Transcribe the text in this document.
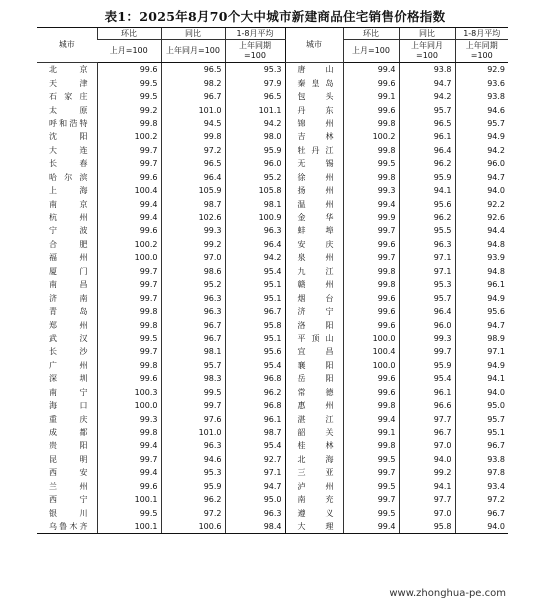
表1：2025年8月70个大中城市新建商品住宅销售价格指数
城市	环比	同比	1-8月平均	城市	环比	同比	1-8月平均
	上月=100	上年同月=100	上年同期=100		上月=100	上年同月=100	上年同期=100
北　京	99.6	96.5	95.3	唐　山	99.4	93.8	92.9
天　津	99.5	98.2	97.9	秦皇岛	99.6	94.7	93.6
石家庄	99.5	96.7	96.5	包　头	99.1	94.2	93.8
太　原	99.2	101.0	101.1	丹　东	99.6	95.7	94.6
呼和浩特	99.8	94.5	94.2	锦　州	99.8	96.5	95.7
沈　阳	100.2	99.8	98.0	吉　林	100.2	96.1	94.9
大　连	99.7	97.2	95.9	牡丹江	99.8	96.4	94.2
长　春	99.7	96.5	96.0	无　锡	99.5	96.2	96.0
哈尔滨	99.6	96.4	95.2	徐　州	99.8	95.9	94.7
上　海	100.4	105.9	105.8	扬　州	99.3	94.1	94.0
南　京	99.4	98.7	98.1	温　州	99.4	95.6	92.2
杭　州	99.4	102.6	100.9	金　华	99.9	96.2	92.6
宁　波	99.6	99.3	96.3	蚌　埠	99.7	95.5	94.4
合　肥	100.2	99.2	96.4	安　庆	99.6	96.3	94.8
福　州	100.0	97.0	94.2	泉　州	99.7	97.1	93.9
厦　门	99.7	98.6	95.4	九　江	99.8	97.1	94.8
南　昌	99.7	95.2	95.1	赣　州	99.8	95.3	96.1
济　南	99.7	96.3	95.1	烟　台	99.6	95.7	94.9
青　岛	99.8	96.3	96.7	济　宁	99.6	96.4	95.6
郑　州	99.8	96.7	95.8	洛　阳	99.6	96.0	94.7
武　汉	99.5	96.7	95.1	平顶山	100.0	99.3	98.9
长　沙	99.7	98.1	95.6	宜　昌	100.4	99.7	97.1
广　州	99.8	95.7	95.4	襄　阳	100.0	95.9	94.9
深　圳	99.6	98.3	96.8	岳　阳	99.6	95.4	94.1
南　宁	100.3	99.5	96.2	常　德	99.6	96.1	94.0
海　口	100.0	99.7	96.8	惠　州	99.8	96.6	95.0
重　庆	99.3	97.6	96.1	湛　江	99.4	97.7	95.7
成　都	99.8	101.0	98.7	韶　关	99.1	96.7	95.1
贵　阳	99.4	96.3	95.4	桂　林	99.8	97.0	96.7
昆　明	99.7	94.6	92.7	北　海	99.5	94.0	93.8
西　安	99.4	95.3	97.1	三　亚	99.7	99.2	97.8
兰　州	99.6	95.9	94.7	泸　州	99.5	94.1	93.4
西　宁	100.1	96.2	95.0	南　充	99.7	97.7	97.2
银　川	99.5	97.2	96.3	遵　义	99.5	97.0	96.7
乌鲁木齐	100.1	100.6	98.4	大　理	99.4	95.8	94.0
www.zhonghua-pe.com
